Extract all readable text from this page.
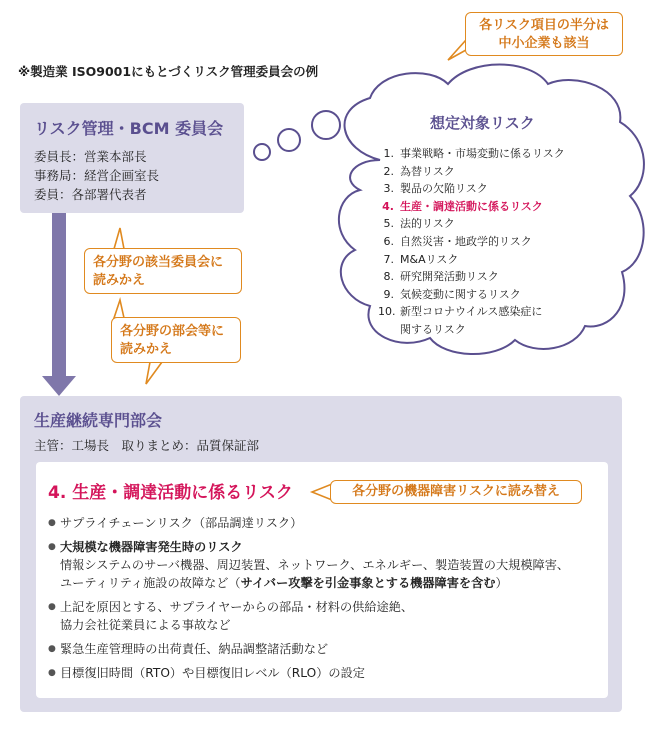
※製造業 ISO9001にもとづくリスク管理委員会の例
リスク管理・BCM 委員会
委員長：営業本部長
事務局：経営企画室長
委員：各部署代表者
各リスク項目の半分は
中小企業も該当
各分野の該当委員会に
読みかえ
各分野の部会等に
読みかえ
想定対象リスク
1. 事業戦略・市場変動に係るリスク
2. 為替リスク
3. 製品の欠陥リスク
4. 生産・調達活動に係るリスク
5. 法的リスク
6. 自然災害・地政学的リスク
7. M&Aリスク
8. 研究開発活動リスク
9. 気候変動に関するリスク
10. 新型コロナウイルス感染症に
関するリスク
生産継続専門部会
主管：工場長　取りまとめ：品質保証部
4. 生産・調達活動に係るリスク
● サプライチェーンリスク（部品調達リスク）
● 大規模な機器障害発生時のリスク
情報システムのサーバ機器、周辺装置、ネットワーク、エネルギー、製造装置の大規模障害、
ユーティリティ施設の故障など（サイバー攻撃を引金事象とする機器障害を含む）
● 上記を原因とする、サプライヤーからの部品・材料の供給途絶、
協力会社従業員による事故など
● 緊急生産管理時の出荷責任、納品調整諸活動など
● 目標復旧時間（RTO）や目標復旧レベル（RLO）の設定
各分野の機器障害リスクに読み替え
